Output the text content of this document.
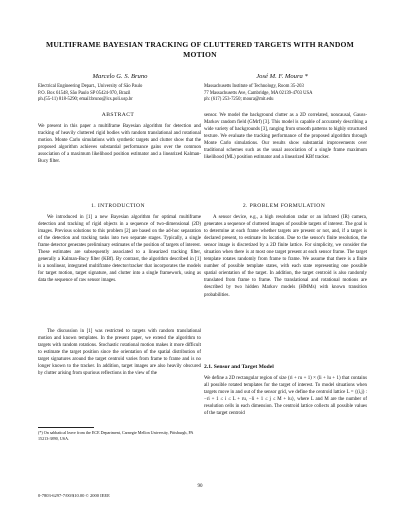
MULTIFRAME BAYESIAN TRACKING OF CLUTTERED TARGETS WITH RANDOM MOTION
Marcelo G. S. Bruno	José M. F. Moura *
Electrical Engineering Depart., University of São Paulo
P.O. Box 61548, São Paulo SP 05424-970, Brazil
ph.(55-11) 818-5290; email:bruno@lcs.poli.usp.br
Massachusetts Institute of Technology, Room 35-203
77 Massachusetts Ave, Cambridge, MA 02139-4703 USA
ph: (617) 253-7250; moura@mit.edu
ABSTRACT

We present in this paper a multiframe Bayesian algorithm for detection and tracking of heavily cluttered rigid bodies with random translational and rotational motion. Monte Carlo simulations with synthetic targets and clutter show that the proposed algorithm achieves substantial performance gains over the common association of a maximum likelihood position estimator and a linearized Kalman-Bucy filter.

1. INTRODUCTION

We introduced in [1] a new Bayesian algorithm for optimal multiframe detection and tracking of rigid objects in a sequence of two-dimensional (2D) images. Previous solutions to this problem [2] are based on the ad-hoc separation of the detection and tracking tasks into two separate stages. Typically, a single frame detector generates preliminary estimates of the position of targets of interest. These estimates are subsequently associated to a linearized tracking filter, generally a Kalman-Bucy filter (KBf). By contrast, the algorithm described in [1] is a nonlinear, integrated multiframe detector/tracker that incorporates the models for target motion, target signature, and clutter into a single framework, using as data the sequence of raw sensor images.

The discussion in [1] was restricted to targets with random translational motion and known templates. In the present paper, we extend the algorithm to targets with random rotations. Stochastic rotational motion makes it more difficult to estimate the target position since the orientation of the spatial distribution of target signatures around the target centroid varies from frame to frame and is no longer known to the tracker. In addition, target images are also heavily obscured by clutter arising from spurious reflections in the view of the

(*) On sabbatical leave from the ECE Department, Carnegie Mellon University, Pittsburgh, PA 15213-3890, USA.

sensor. We model the background clutter as a 2D correlated, noncausal, Gauss-Markov random field (GMrf) [3]. This model is capable of accurately describing a wide variety of backgrounds [3], ranging from smooth patterns to highly structured texture. We evaluate the tracking performance of the proposed algorithm through Monte Carlo simulations. Our results show substantial improvements over traditional schemes such as the usual association of a single frame maximum likelihood (ML) position estimator and a linearized KBf tracker.

2. PROBLEM FORMULATION

A sensor device, e.g., a high resolution radar or an infrared (IR) camera, generates a sequence of cluttered images of possible targets of interest. The goal is to determine at each frame whether targets are present or not, and, if a target is declared present, to estimate its location. Due to the sensor's finite resolution, the sensor image is discretized by a 2D finite lattice. For simplicity, we consider the situation when there is at most one target present at each sensor frame. The target template rotates randomly from frame to frame. We assume that there is a finite number of possible template states, with each state representing one possible spatial orientation of the target. In addition, the target centroid is also randomly translated from frame to frame. The translational and rotational motions are described by two hidden Markov models (HMMs) with known transition probabilities.

2.1. Sensor and Target Model

We define a 2D rectangular region of size (ri + ru + 1) × (li + lu + 1) that contains all possible rotated templates for the target of interest. To model situations when targets move in and out of the sensor grid, we define the centroid lattice L = {(i,j) : −ri + 1 ≤ i ≤ L + ru, −li + 1 ≤ j ≤ M + lu}, where L and M are the number of resolution cells in each dimension. The centroid lattice collects all possible values of the target centroid

90
0-7803-6297-7/00/$10.00 © 2000 IEEE
